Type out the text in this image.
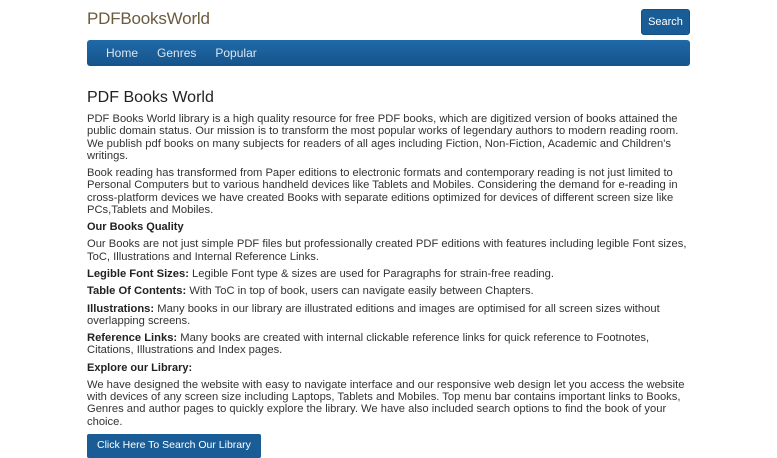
PDFBooksWorld	Search
Home Genres Popular
PDF Books World

PDF Books World library is a high quality resource for free PDF books, which are digitized version of books attained the public domain status. Our mission is to transform the most popular works of legendary authors to modern reading room. We publish pdf books on many subjects for readers of all ages including Fiction, Non-Fiction, Academic and Children's writings.

Book reading has transformed from Paper editions to electronic formats and contemporary reading is not just limited to Personal Computers but to various handheld devices like Tablets and Mobiles. Considering the demand for e-reading in cross-platform devices we have created Books with separate editions optimized for devices of different screen size like PCs,Tablets and Mobiles.

Our Books Quality

Our Books are not just simple PDF files but professionally created PDF editions with features including legible Font sizes, ToC, Illustrations and Internal Reference Links.

Legible Font Sizes: Legible Font type & sizes are used for Paragraphs for strain-free reading.

Table Of Contents: With ToC in top of book, users can navigate easily between Chapters.

Illustrations: Many books in our library are illustrated editions and images are optimised for all screen sizes without overlapping screens.

Reference Links: Many books are created with internal clickable reference links for quick reference to Footnotes, Citations, Illustrations and Index pages.

Explore our Library:

We have designed the website with easy to navigate interface and our responsive web design let you access the website with devices of any screen size including Laptops, Tablets and Mobiles. Top menu bar contains important links to Books, Genres and author pages to quickly explore the library. We have also included search options to find the book of your choice.

Click Here To Search Our Library
